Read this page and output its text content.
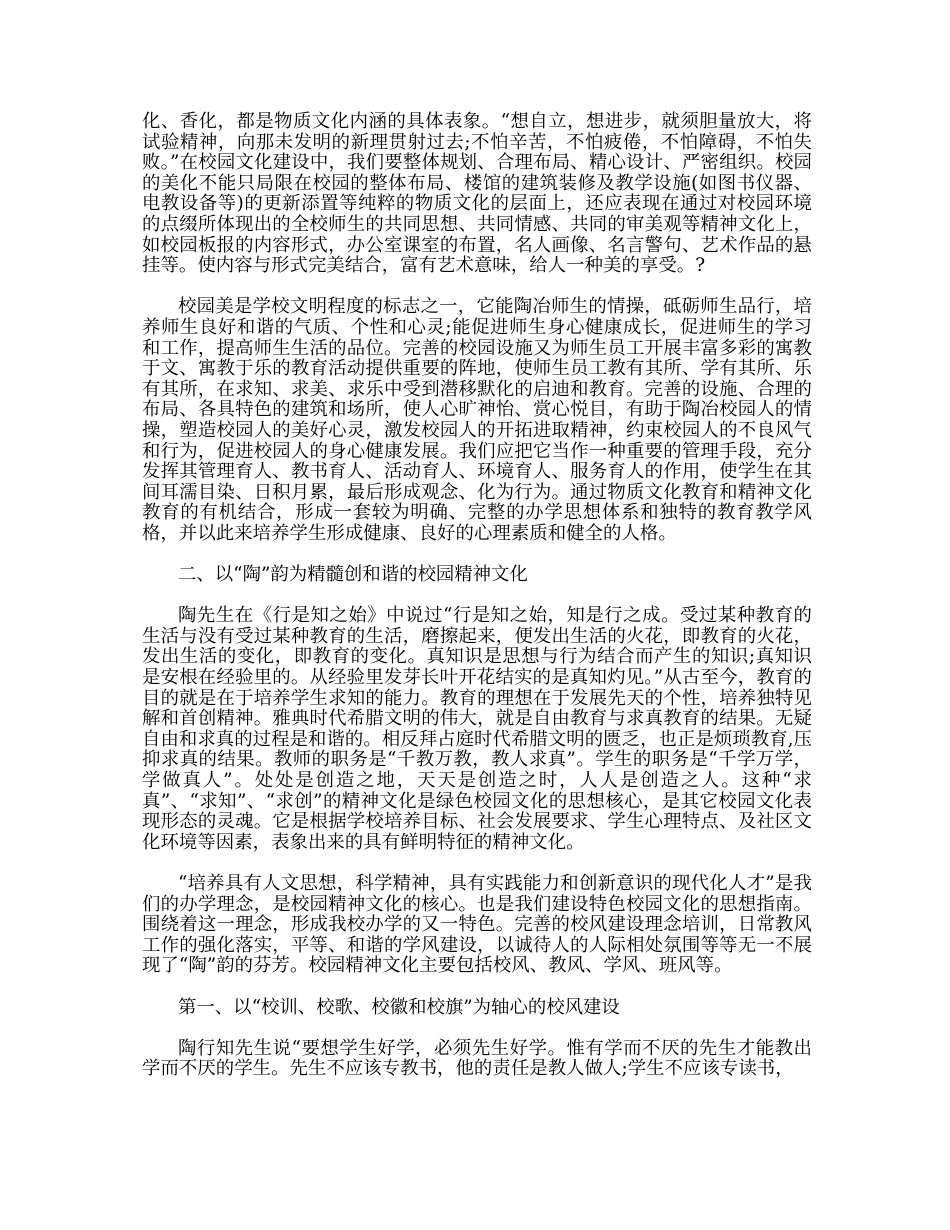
化、香化，都是物质文化内涵的具体表象。“想自立，想进步，就须胆量放大，将试验精神，向那未发明的新理贯射过去;不怕辛苦，不怕疲倦，不怕障碍，不怕失败。”在校园文化建设中，我们要整体规划、合理布局、精心设计、严密组织。校园的美化不能只局限在校园的整体布局、楼馆的建筑装修及教学设施(如图书仪器、电教设备等)的更新添置等纯粹的物质文化的层面上，还应表现在通过对校园环境的点缀所体现出的全校师生的共同思想、共同情感、共同的审美观等精神文化上，如校园板报的内容形式，办公室课室的布置，名人画像、名言警句、艺术作品的悬挂等。使内容与形式完美结合，富有艺术意味，给人一种美的享受。?

校园美是学校文明程度的标志之一，它能陶冶师生的情操，砥砺师生品行，培养师生良好和谐的气质、个性和心灵;能促进师生身心健康成长，促进师生的学习和工作，提高师生生活的品位。完善的校园设施又为师生员工开展丰富多彩的寓教于文、寓教于乐的教育活动提供重要的阵地，使师生员工教有其所、学有其所、乐有其所，在求知、求美、求乐中受到潜移默化的启迪和教育。完善的设施、合理的布局、各具特色的建筑和场所，使人心旷神怡、赏心悦目，有助于陶冶校园人的情操，塑造校园人的美好心灵，激发校园人的开拓进取精神，约束校园人的不良风气和行为，促进校园人的身心健康发展。我们应把它当作一种重要的管理手段，充分发挥其管理育人、教书育人、活动育人、环境育人、服务育人的作用，使学生在其间耳濡目染、日积月累，最后形成观念、化为行为。通过物质文化教育和精神文化教育的有机结合，形成一套较为明确、完整的办学思想体系和独特的教育教学风格，并以此来培养学生形成健康、良好的心理素质和健全的人格。

二、以“陶”韵为精髓创和谐的校园精神文化

陶先生在《行是知之始》中说过“行是知之始，知是行之成。受过某种教育的生活与没有受过某种教育的生活，磨擦起来，便发出生活的火花，即教育的火花，发出生活的变化，即教育的变化。真知识是思想与行为结合而产生的知识;真知识是安根在经验里的。从经验里发芽长叶开花结实的是真知灼见。”从古至今，教育的目的就是在于培养学生求知的能力。教育的理想在于发展先天的个性，培养独特见解和首创精神。雅典时代希腊文明的伟大，就是自由教育与求真教育的结果。无疑自由和求真的过程是和谐的。相反拜占庭时代希腊文明的匮乏，也正是烦琐教育,压抑求真的结果。教师的职务是“千教万教，教人求真”。学生的职务是“千学万学，学做真人”。处处是创造之地，天天是创造之时，人人是创造之人。这种“求真”、“求知”、“求创”的精神文化是绿色校园文化的思想核心，是其它校园文化表现形态的灵魂。它是根据学校培养目标、社会发展要求、学生心理特点、及社区文化环境等因素，表象出来的具有鲜明特征的精神文化。

“培养具有人文思想，科学精神，具有实践能力和创新意识的现代化人才”是我们的办学理念，是校园精神文化的核心。也是我们建设特色校园文化的思想指南。围绕着这一理念，形成我校办学的又一特色。完善的校风建设理念培训，日常教风工作的强化落实，平等、和谐的学风建设，以诚待人的人际相处氛围等等无一不展现了“陶”韵的芬芳。校园精神文化主要包括校风、教风、学风、班风等。

第一、以“校训、校歌、校徽和校旗”为轴心的校风建设

陶行知先生说“要想学生好学，必须先生好学。惟有学而不厌的先生才能教出学而不厌的学生。先生不应该专教书，他的责任是教人做人;学生不应该专读书，
